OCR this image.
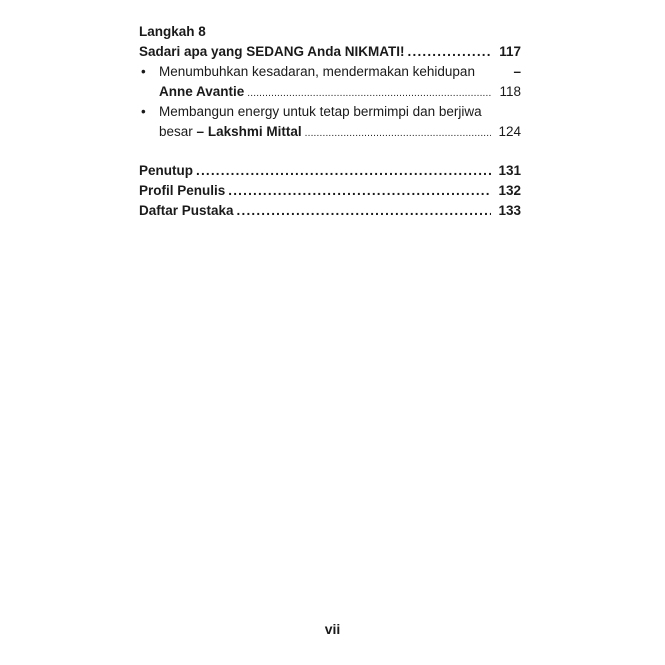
Langkah 8
Sadari apa yang SEDANG Anda NIKMATI! .....	117
• Menumbuhkan kesadaran, mendermakan kehidupan	–
Anne Avantie .....	118
• Membangun energy untuk tetap bermimpi dan berjiwa
besar – Lakshmi Mittal .....	124
Penutup .....	131
Profil Penulis .....	132
Daftar Pustaka .....	133
vii
